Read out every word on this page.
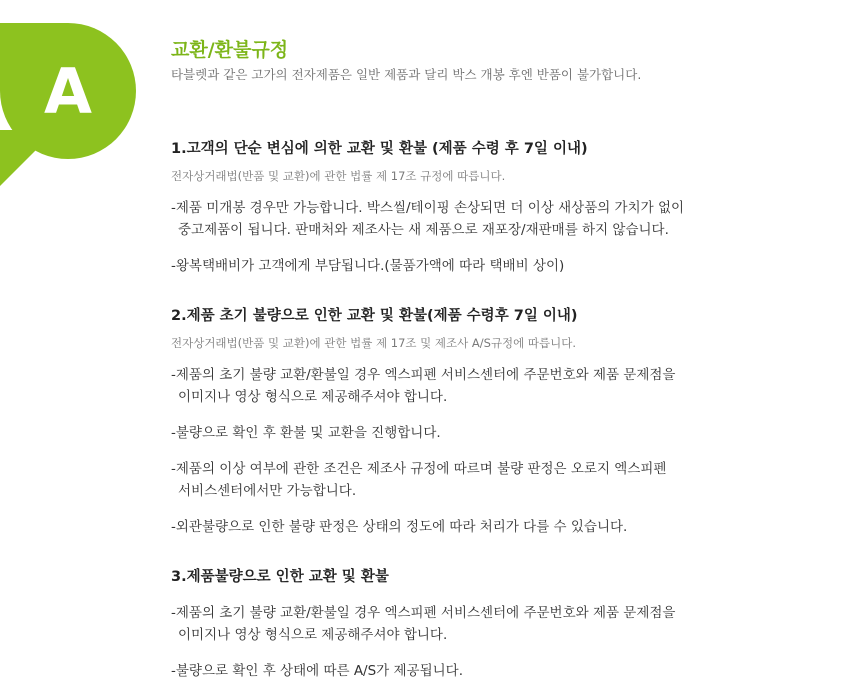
A
교환/환불규정

타블렛과 같은 고가의 전자제품은 일반 제품과 달리 박스 개봉 후엔 반품이 불가합니다.

1.고객의 단순 변심에 의한 교환 및 환불 (제품 수령 후 7일 이내)

전자상거래법(반품 및 교환)에 관한 법률 제 17조 규정에 따릅니다.

-제품 미개봉 경우만 가능합니다. 박스씰/테이핑 손상되면 더 이상 새상품의 가치가 없이

중고제품이 됩니다. 판매처와 제조사는 새 제품으로 재포장/재판매를 하지 않습니다.

-왕복택배비가 고객에게 부담됩니다.(물품가액에 따라 택배비 상이)

2.제품 초기 불량으로 인한 교환 및 환불(제품 수령후 7일 이내)

전자상거래법(반품 및 교환)에 관한 법률 제 17조 및 제조사 A/S규정에 따릅니다.

-제품의 초기 불량 교환/환불일 경우 엑스피펜 서비스센터에 주문번호와 제품 문제점을

이미지나 영상 형식으로 제공해주셔야 합니다.

-불량으로 확인 후 환불 및 교환을 진행합니다.

-제품의 이상 여부에 관한 조건은 제조사 규정에 따르며 불량 판정은 오로지 엑스피펜

서비스센터에서만 가능합니다.

-외관불량으로 인한 불량 판정은 상태의 정도에 따라 처리가 다를 수 있습니다.

3.제품불량으로 인한 교환 및 환불

-제품의 초기 불량 교환/환불일 경우 엑스피펜 서비스센터에 주문번호와 제품 문제점을

이미지나 영상 형식으로 제공해주셔야 합니다.

-불량으로 확인 후 상태에 따른 A/S가 제공됩니다.
